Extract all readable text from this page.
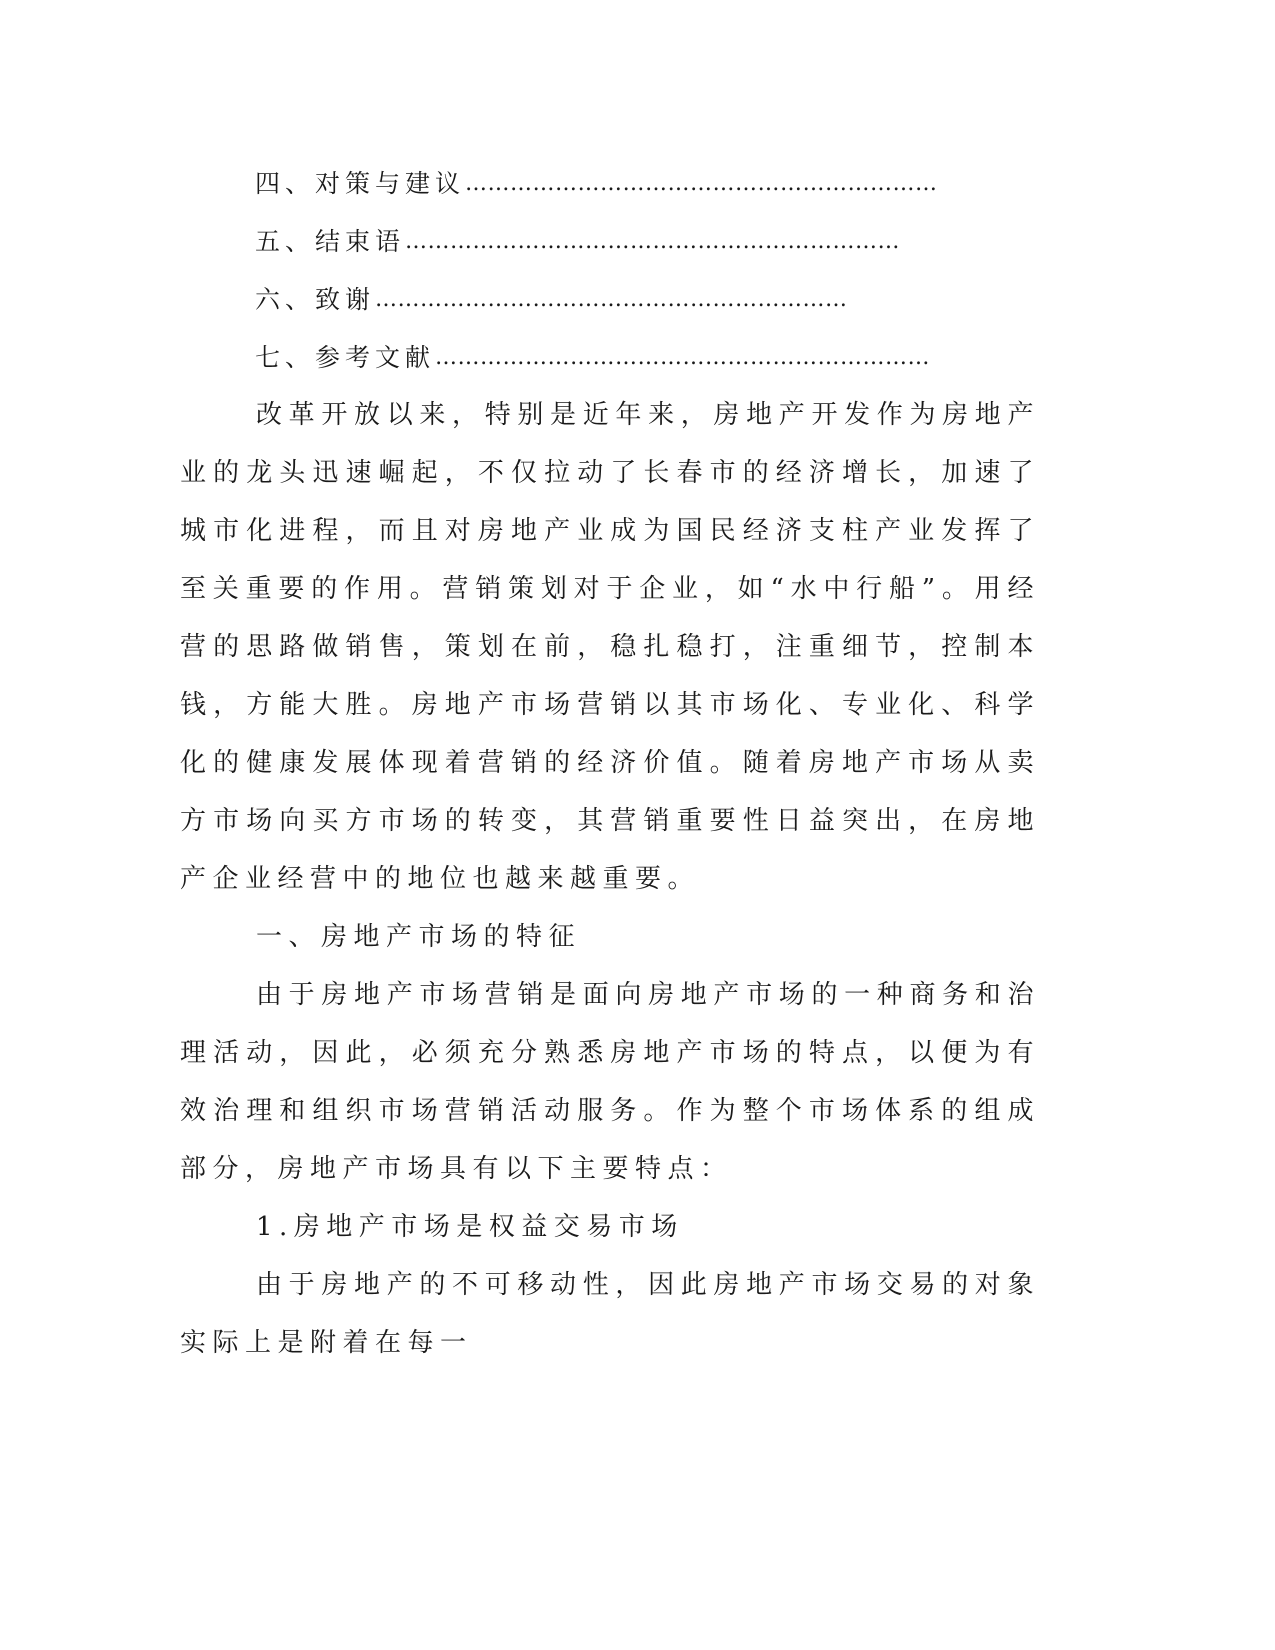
四、对策与建议………………………………………………………
五、结束语…………………………………………………………
六、致谢………………………………………………………
七、参考文献…………………………………………………………

改革开放以来，特别是近年来，房地产开发作为房地产业的龙头迅速崛起，不仅拉动了长春市的经济增长，加速了城市化进程，而且对房地产业成为国民经济支柱产业发挥了至关重要的作用。营销策划对于企业，如“水中行船”。用经营的思路做销售，策划在前，稳扎稳打，注重细节，控制本钱，方能大胜。房地产市场营销以其市场化、专业化、科学化的健康发展体现着营销的经济价值。随着房地产市场从卖方市场向买方市场的转变，其营销重要性日益突出，在房地产企业经营中的地位也越来越重要。

一、房地产市场的特征

由于房地产市场营销是面向房地产市场的一种商务和治理活动，因此，必须充分熟悉房地产市场的特点，以便为有效治理和组织市场营销活动服务。作为整个市场体系的组成部分，房地产市场具有以下主要特点：

1.房地产市场是权益交易市场

由于房地产的不可移动性，因此房地产市场交易的对象实际上是附着在每一
